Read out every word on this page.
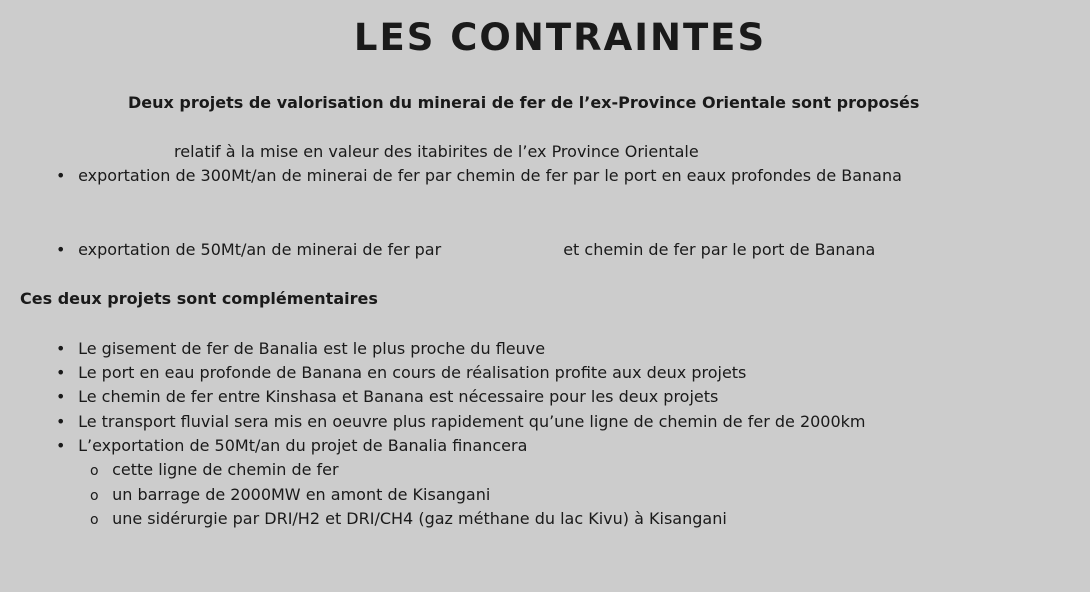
LES CONTRAINTES
Deux projets de valorisation du minerai de fer de l’ex-Province Orientale sont proposés
relatif à la mise en valeur des itabirites de l’ex Province Orientale
• exportation de 300Mt/an de minerai de fer par chemin de fer par le port en eaux profondes de Banana
• exportation de 50Mt/an de minerai de fer par	et chemin de fer par le port de Banana
Ces deux projets sont complémentaires
• Le gisement de fer de Banalia est le plus proche du fleuve
• Le port en eau profonde de Banana en cours de réalisation profite aux deux projets
• Le chemin de fer entre Kinshasa et Banana est nécessaire pour les deux projets
• Le transport fluvial sera mis en oeuvre plus rapidement qu’une ligne de chemin de fer de 2000km
• L’exportation de 50Mt/an du projet de Banalia financera
o cette ligne de chemin de fer
o un barrage de 2000MW en amont de Kisangani
o une sidérurgie par DRI/H2 et DRI/CH4 (gaz méthane du lac Kivu) à Kisangani
